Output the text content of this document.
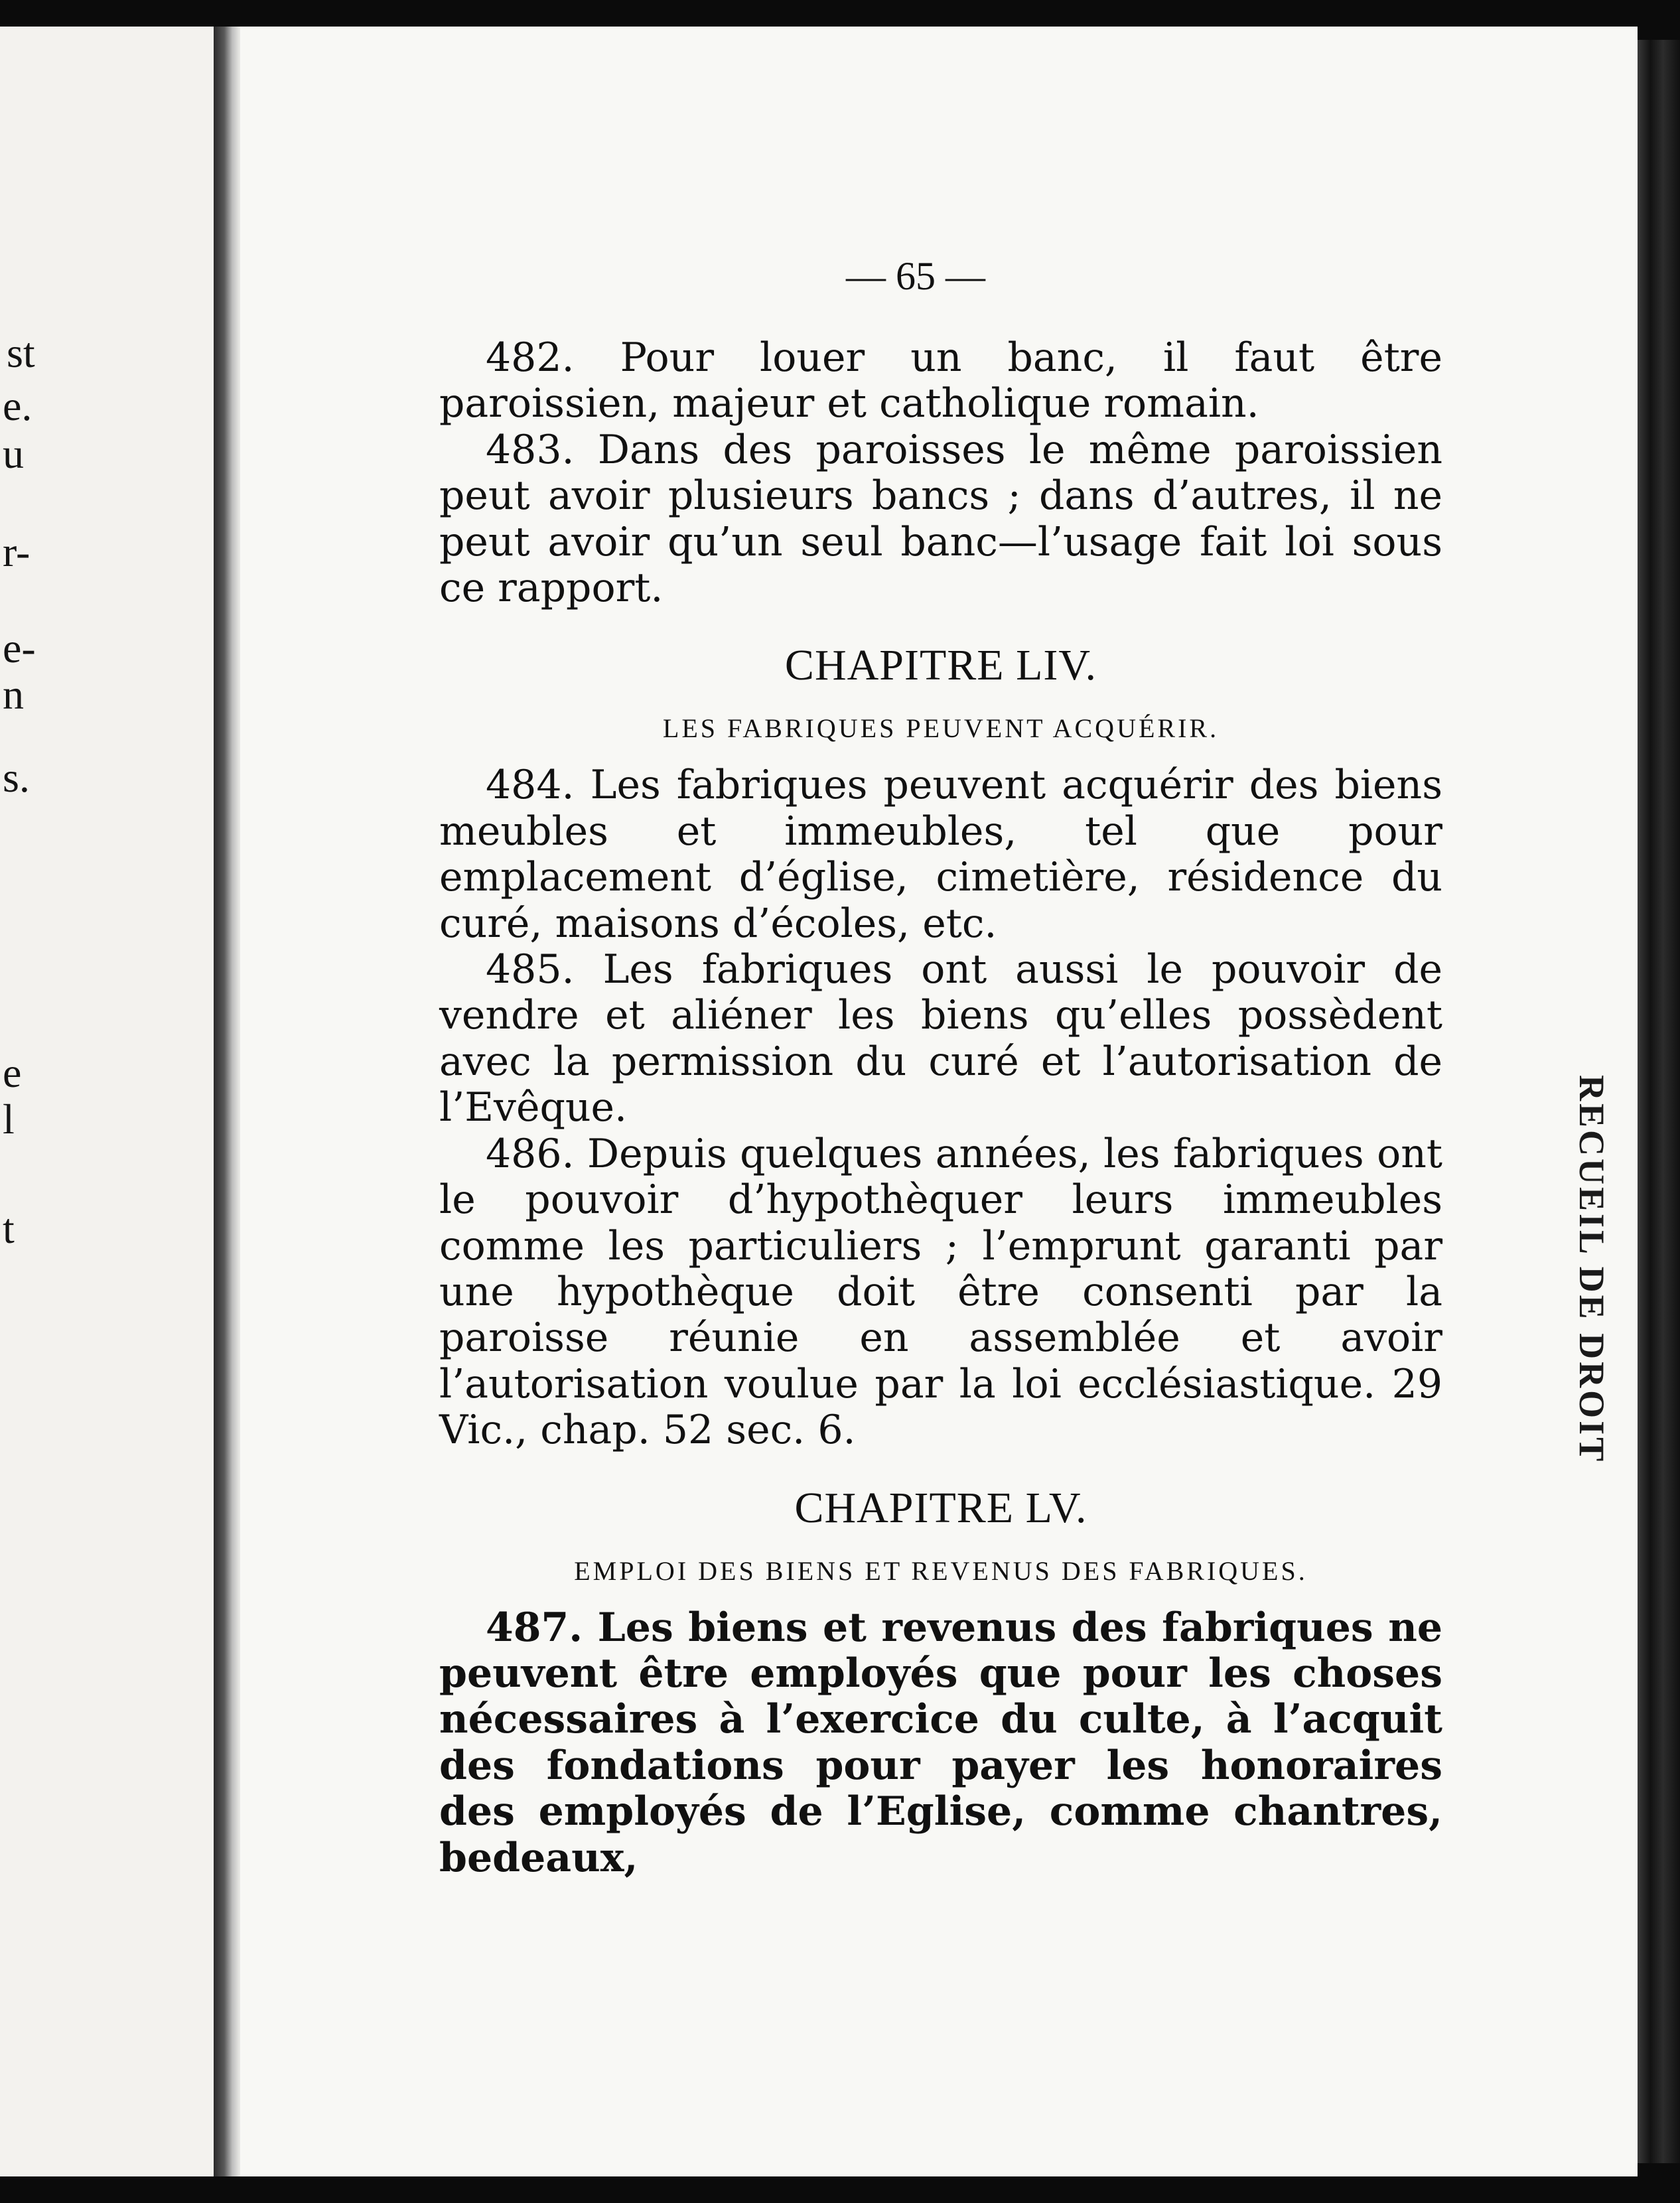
st
e.
u
r-
e-
n
s.
e
l
t	RECUEIL DE DROIT
— 65 —

482. Pour louer un banc, il faut être paroissien, majeur et catholique romain.

483. Dans des paroisses le même paroissien peut avoir plusieurs bancs ; dans d’autres, il ne peut avoir qu’un seul banc—l’usage fait loi sous ce rapport.

CHAPITRE LIV.
LES FABRIQUES PEUVENT ACQUÉRIR.

484. Les fabriques peuvent acquérir des biens meubles et immeubles, tel que pour emplacement d’église, cimetière, résidence du curé, maisons d’écoles, etc.

485. Les fabriques ont aussi le pouvoir de vendre et aliéner les biens qu’elles possèdent avec la permission du curé et l’autorisation de l’Evêque.

486. Depuis quelques années, les fabriques ont le pouvoir d’hypothèquer leurs immeubles comme les particuliers ; l’emprunt garanti par une hypothèque doit être consenti par la paroisse réunie en assemblée et avoir l’autorisation voulue par la loi ecclésiastique. 29 Vic., chap. 52 sec. 6.

CHAPITRE LV.
EMPLOI DES BIENS ET REVENUS DES FABRIQUES.

487. Les biens et revenus des fabriques ne peuvent être employés que pour les choses nécessaires à l’exercice du culte, à l’acquit des fondations pour payer les honoraires des employés de l’Eglise, comme chantres, bedeaux,
